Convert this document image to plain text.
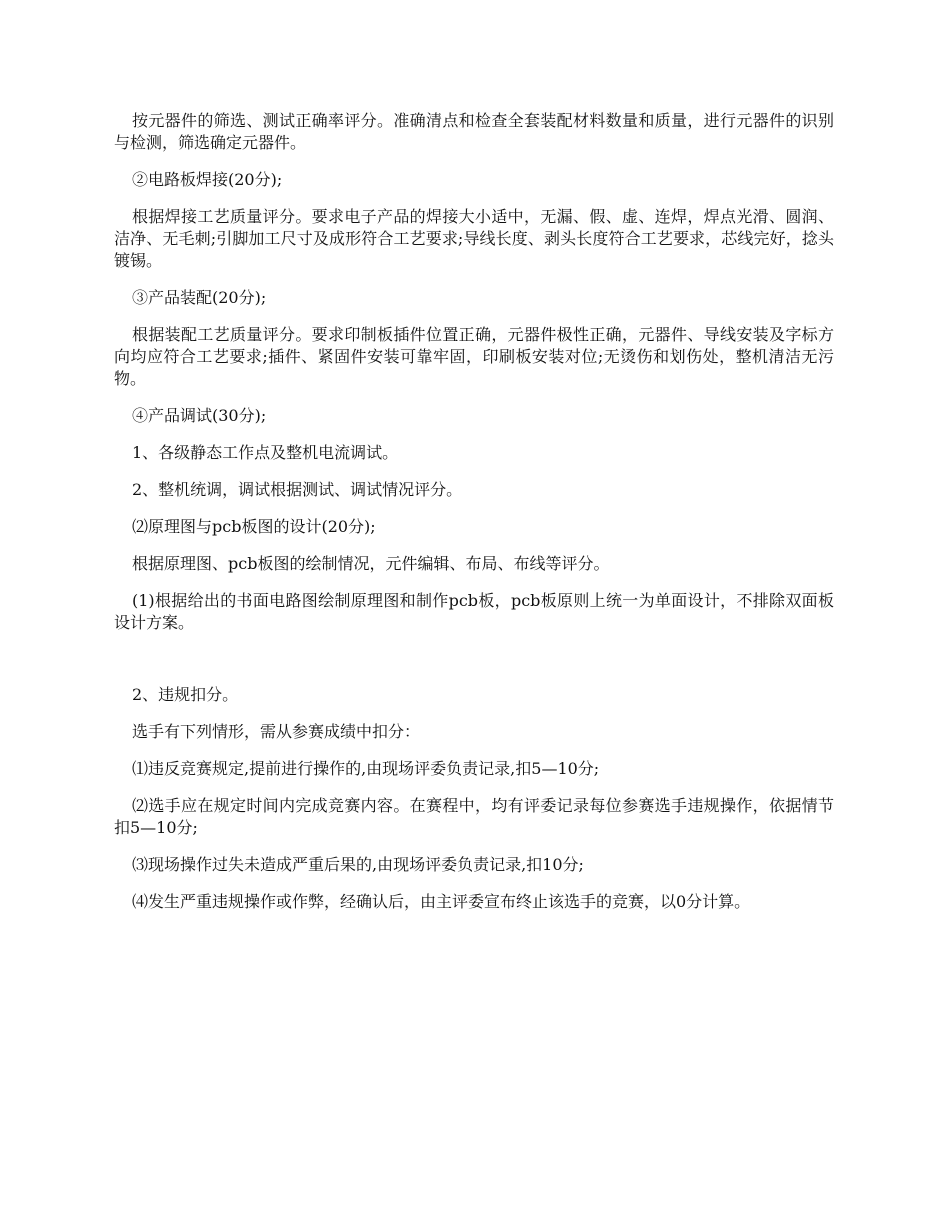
按元器件的筛选、测试正确率评分。准确清点和检查全套装配材料数量和质量，进行元器件的识别与检测，筛选确定元器件。

②电路板焊接(20分);

根据焊接工艺质量评分。要求电子产品的焊接大小适中，无漏、假、虚、连焊，焊点光滑、圆润、洁净、无毛刺;引脚加工尺寸及成形符合工艺要求;导线长度、剥头长度符合工艺要求，芯线完好，捻头镀锡。

③产品装配(20分);

根据装配工艺质量评分。要求印制板插件位置正确，元器件极性正确，元器件、导线安装及字标方向均应符合工艺要求;插件、紧固件安装可靠牢固，印刷板安装对位;无烫伤和划伤处，整机清洁无污物。

④产品调试(30分);

1、各级静态工作点及整机电流调试。

2、整机统调，调试根据测试、调试情况评分。

⑵原理图与pcb板图的设计(20分);

根据原理图、pcb板图的绘制情况，元件编辑、布局、布线等评分。

(1)根据给出的书面电路图绘制原理图和制作pcb板，pcb板原则上统一为单面设计，不排除双面板设计方案。

2、违规扣分。

选手有下列情形，需从参赛成绩中扣分：

⑴违反竞赛规定,提前进行操作的,由现场评委负责记录,扣5—10分;

⑵选手应在规定时间内完成竞赛内容。在赛程中，均有评委记录每位参赛选手违规操作，依据情节扣5—10分;

⑶现场操作过失未造成严重后果的,由现场评委负责记录,扣10分;

⑷发生严重违规操作或作弊，经确认后，由主评委宣布终止该选手的竞赛，以0分计算。
